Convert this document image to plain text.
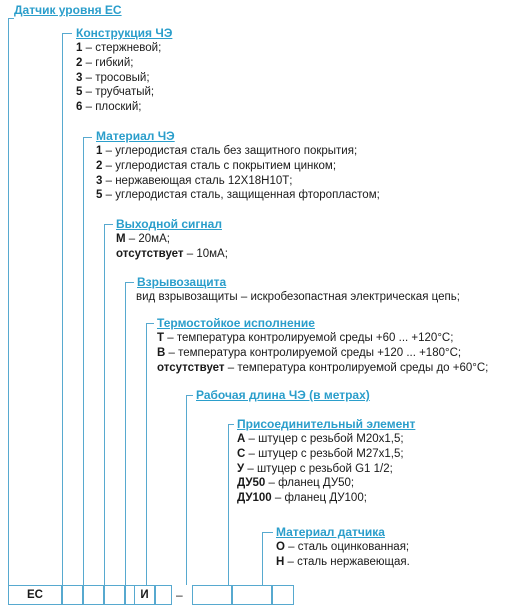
Датчик уровня ЕС
Конструкция ЧЭ
1 – стержневой;
2 – гибкий;
3 – тросовый;
5 – трубчатый;
6 – плоский;
Материал ЧЭ
1 – углеродистая сталь без защитного покрытия;
2 – углеродистая сталь с покрытием цинком;
3 – нержавеющая сталь 12Х18Н10Т;
5 – углеродистая сталь, защищенная фторопластом;
Выходной сигнал
М – 20мА;
отсутствует – 10мА;
Взрывозащита
вид взрывозащиты – искробезопастная электрическая цепь;
Термостойкое исполнение
Т – температура контролируемой среды +60 ... +120°С;
В – температура контролируемой среды +120 ... +180°С;
отсутствует – температура контролируемой среды до +60°С;
Рабочая длина ЧЭ (в метрах)
Присоединительный элемент
А – штуцер с резьбой М20х1,5;
С – штуцер с резьбой М27х1,5;
У – штуцер с резьбой G1 1/2;
ДУ50 – фланец ДУ50;
ДУ100 – фланец ДУ100;
Материал датчика
О – сталь оцинкованная;
Н – сталь нержавеющая.
ЕС	И	–
